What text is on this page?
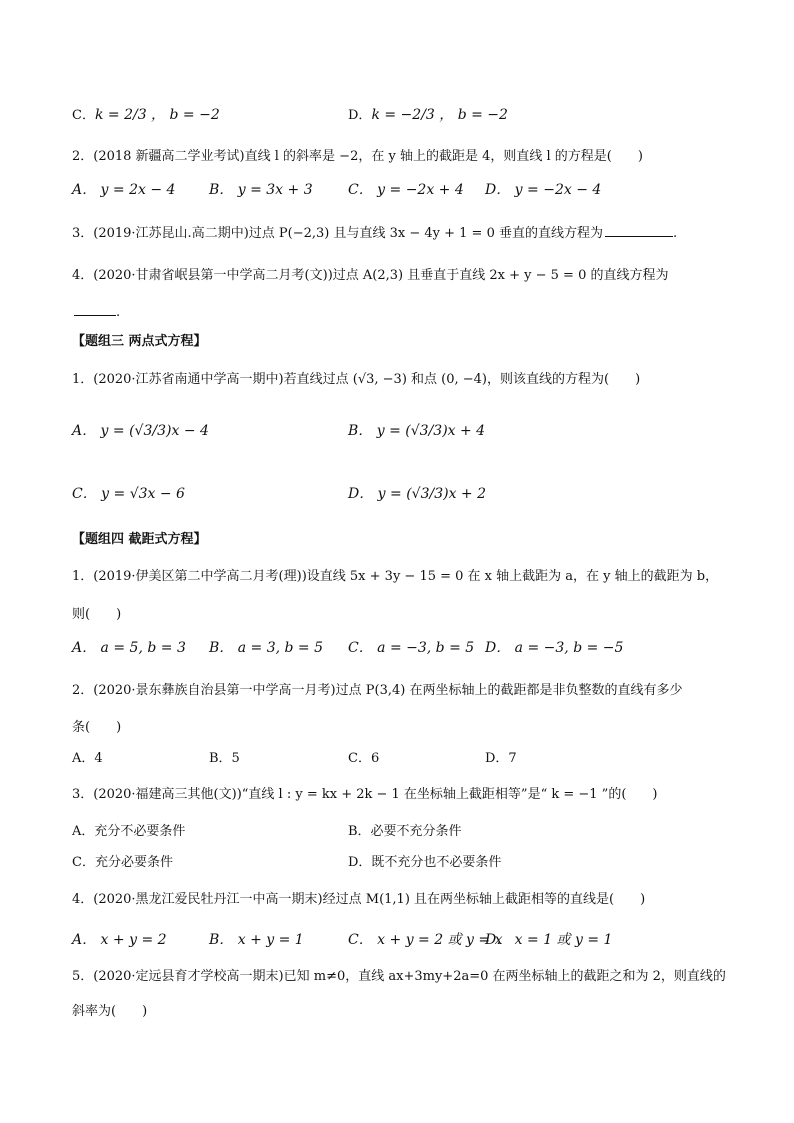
C．k = 2/3 ， b = −2	D．k = −2/3 ， b = −2
2．(2018 新疆高二学业考试)直线 l 的斜率是 −2，在 y 轴上的截距是 4，则直线 l 的方程是(　　)
A． y = 2x − 4 B． y = 3x + 3	C． y = −2x + 4 D． y = −2x − 4
3．(2019·江苏昆山.高二期中)过点 P(−2,3) 且与直线 3x − 4y + 1 = 0 垂直的直线方程为	.
4．(2020·甘肃省岷县第一中学高二月考(文))过点 A(2,3) 且垂直于直线 2x + y − 5 = 0 的直线方程为
.
【题组三 两点式方程】
1．(2020·江苏省南通中学高一期中)若直线过点 (√3, −3) 和点 (0, −4)，则该直线的方程为(　　)
A． y = (√3/3)x − 4	B． y = (√3/3)x + 4
C． y = √3x − 6	D． y = (√3/3)x + 2
【题组四 截距式方程】
1．(2019·伊美区第二中学高二月考(理))设直线 5x + 3y − 15 = 0 在 x 轴上截距为 a，在 y 轴上的截距为 b，
则(　　)
A． a = 5, b = 3 B． a = 3, b = 5 C． a = −3, b = 5 D． a = −3, b = −5
2．(2020·景东彝族自治县第一中学高一月考)过点 P(3,4) 在两坐标轴上的截距都是非负整数的直线有多少
条(　　)
A．4	B．5	C．6	D．7
3．(2020·福建高三其他(文))“直线 l : y = kx + 2k − 1 在坐标轴上截距相等”是“ k = −1 ”的(　　)
A．充分不必要条件	B．必要不充分条件
C．充分必要条件	D．既不充分也不必要条件
4．(2020·黑龙江爱民牡丹江一中高一期末)经过点 M(1,1) 且在两坐标轴上截距相等的直线是(　　)
A． x + y = 2	B． x + y = 1	C． x + y = 2 或 y = x
D． x = 1 或 y = 1
5．(2020·定远县育才学校高一期末)已知 m≠0，直线 ax+3my+2a=0 在两坐标轴上的截距之和为 2，则直线的
斜率为(　　)
